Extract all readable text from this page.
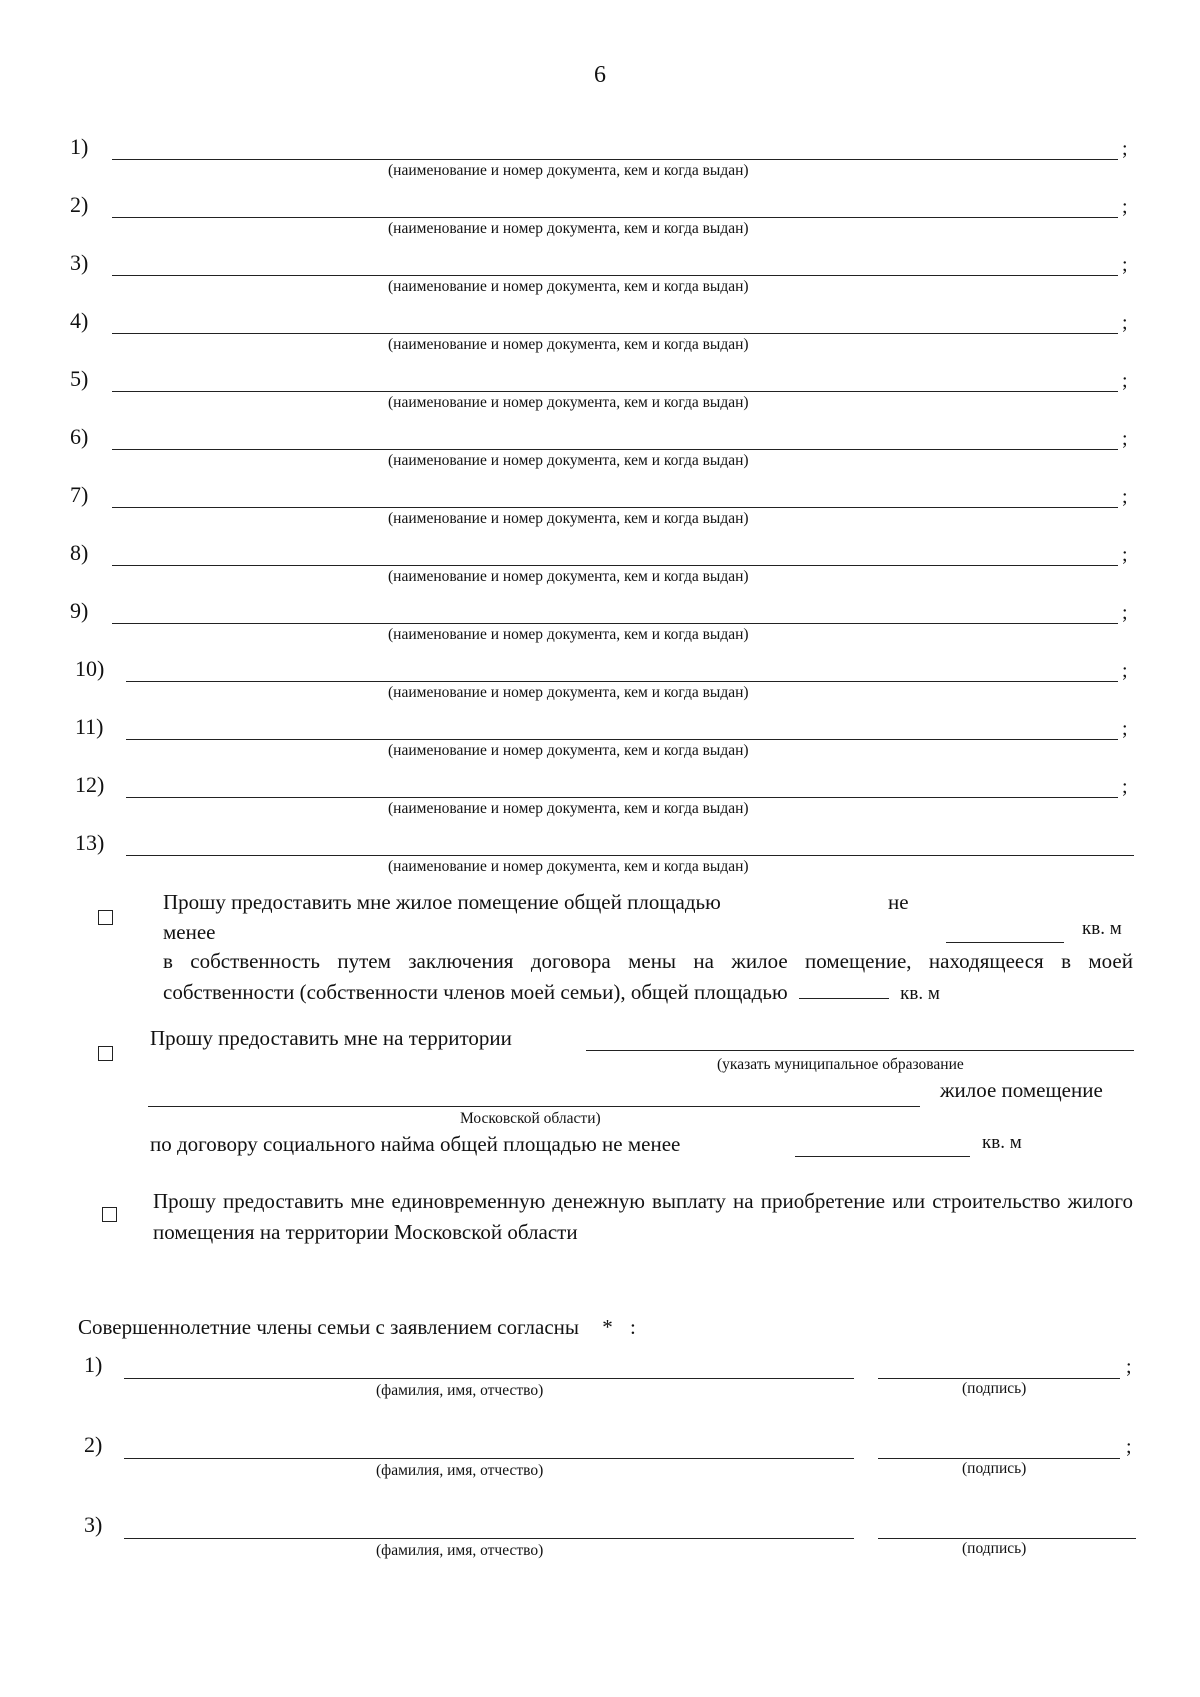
6
1)	;
(наименование и номер документа, кем и когда выдан)
2)	;
(наименование и номер документа, кем и когда выдан)
3)	;
(наименование и номер документа, кем и когда выдан)
4)	;
(наименование и номер документа, кем и когда выдан)
5)	;
(наименование и номер документа, кем и когда выдан)
6)	;
(наименование и номер документа, кем и когда выдан)
7)	;
(наименование и номер документа, кем и когда выдан)
8)	;
(наименование и номер документа, кем и когда выдан)
9)	;
(наименование и номер документа, кем и когда выдан)
10)	;
(наименование и номер документа, кем и когда выдан)
11)	;
(наименование и номер документа, кем и когда выдан)
12)	;
(наименование и номер документа, кем и когда выдан)
13)
(наименование и номер документа, кем и когда выдан)
Прошу предоставить мне жилое помещение общей площадью	не
менее	кв. м
в собственность путем заключения договора мены на жилое помещение, находящееся в моей собственности (собственности членов моей семьи), общей площадью	кв. м
Прошу предоставить мне на территории
(указать муниципальное образование
жилое помещение
Московской области)
по договору социального найма общей площадью не менее	кв. м
Прошу предоставить мне единовременную денежную выплату на приобретение или строительство жилого помещения на территории Московской области
Совершеннолетние члены семьи с заявлением согласны * :
1)	;
(фамилия, имя, отчество)	(подпись)
2)	;
(фамилия, имя, отчество)	(подпись)
3)
(фамилия, имя, отчество)	(подпись)
